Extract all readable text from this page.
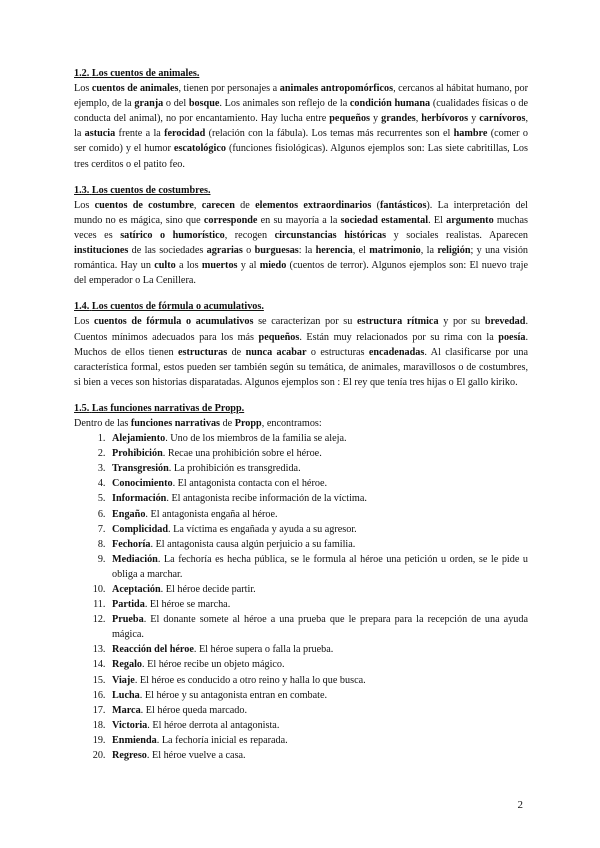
1.2. Los cuentos de animales.

Los cuentos de animales, tienen por personajes a animales antropomórficos, cercanos al hábitat humano, por ejemplo, de la granja o del bosque. Los animales son reflejo de la condición humana (cualidades físicas o de conducta del animal), no por encantamiento. Hay lucha entre pequeños y grandes, herbívoros y carnívoros, la astucia frente a la ferocidad (relación con la fábula). Los temas más recurrentes son el hambre (comer o ser comido) y el humor escatológico (funciones fisiológicas). Algunos ejemplos son: Las siete cabritillas, Los tres cerditos o el patito feo.

1.3. Los cuentos de costumbres.

Los cuentos de costumbre, carecen de elementos extraordinarios (fantásticos). La interpretación del mundo no es mágica, sino que corresponde en su mayoría a la sociedad estamental. El argumento muchas veces es satírico o humorístico, recogen circunstancias históricas y sociales realistas. Aparecen instituciones de las sociedades agrarias o burguesas: la herencia, el matrimonio, la religión; y una visión romántica. Hay un culto a los muertos y al miedo (cuentos de terror). Algunos ejemplos son: El nuevo traje del emperador o La Cenillera.

1.4. Los cuentos de fórmula o acumulativos.

Los cuentos de fórmula o acumulativos se caracterizan por su estructura rítmica y por su brevedad. Cuentos mínimos adecuados para los más pequeños. Están muy relacionados por su rima con la poesía. Muchos de ellos tienen estructuras de nunca acabar o estructuras encadenadas. Al clasificarse por una característica formal, estos pueden ser también según su temática, de animales, maravillosos o de costumbres, si bien a veces son historias disparatadas. Algunos ejemplos son : El rey que tenía tres hijas o El gallo kiriko.

1.5. Las funciones narrativas de Propp.

Dentro de las funciones narrativas de Propp, encontramos:

1. Alejamiento. Uno de los miembros de la familia se aleja.
2. Prohibición. Recae una prohibición sobre el héroe.
3. Transgresión. La prohibición es transgredida.
4. Conocimiento. El antagonista contacta con el héroe.
5. Información. El antagonista recibe información de la víctima.
6. Engaño. El antagonista engaña al héroe.
7. Complicidad. La víctima es engañada y ayuda a su agresor.
8. Fechoría. El antagonista causa algún perjuicio a su familia.
9. Mediación. La fechoría es hecha pública, se le formula al héroe una petición u orden, se le pide u obliga a marchar.
10. Aceptación. El héroe decide partir.
11. Partida. El héroe se marcha.
12. Prueba. El donante somete al héroe a una prueba que le prepara para la recepción de una ayuda mágica.
13. Reacción del héroe. El héroe supera o falla la prueba.
14. Regalo. El héroe recibe un objeto mágico.
15. Viaje. El héroe es conducido a otro reino y halla lo que busca.
16. Lucha. El héroe y su antagonista entran en combate.
17. Marca. El héroe queda marcado.
18. Victoria. El héroe derrota al antagonista.
19. Enmienda. La fechoría inicial es reparada.
20. Regreso. El héroe vuelve a casa.
2
